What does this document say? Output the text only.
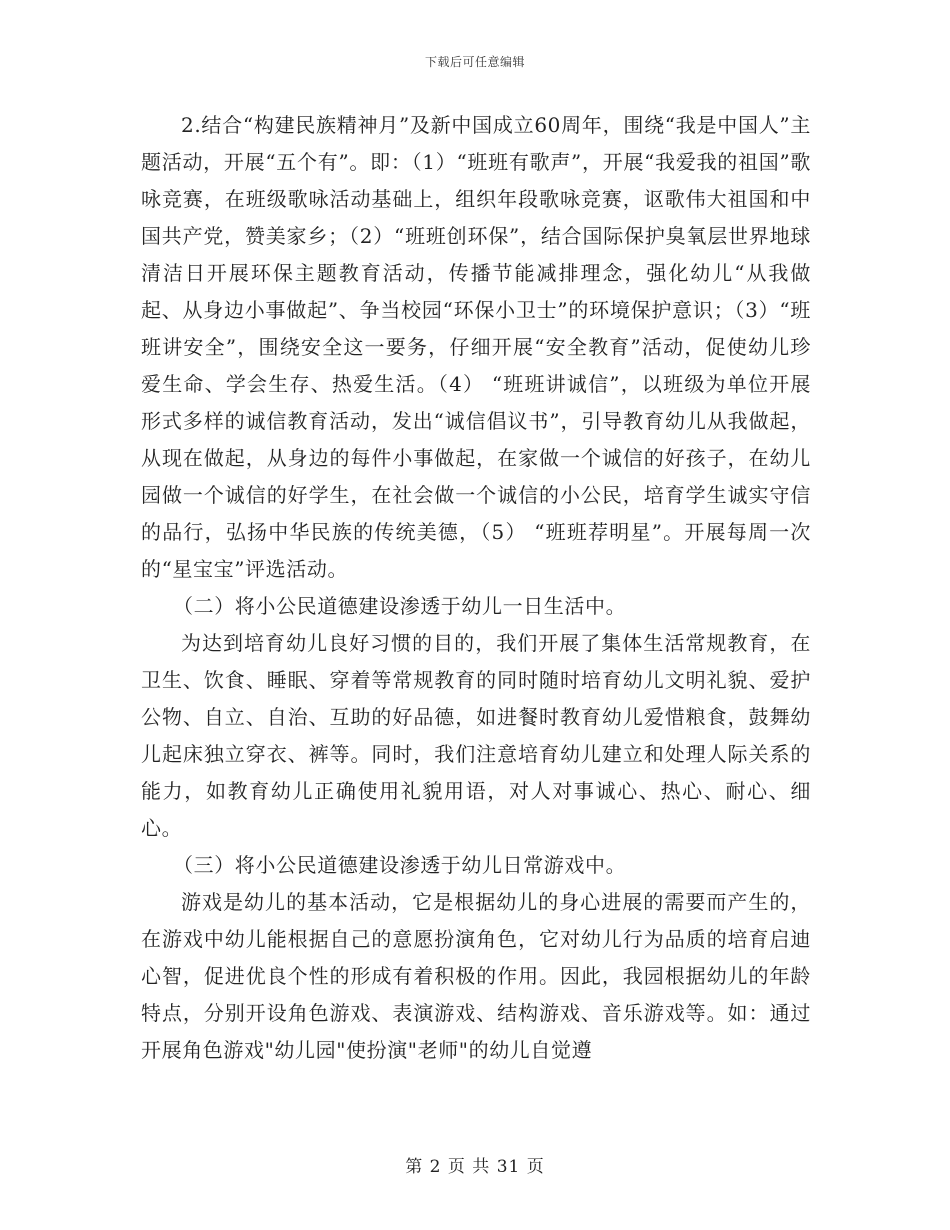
下载后可任意编辑

2.结合“构建民族精神月”及新中国成立60周年，围绕“我是中国人”主题活动，开展“五个有”。即：（1）“班班有歌声”，开展“我爱我的祖国”歌咏竞赛，在班级歌咏活动基础上，组织年段歌咏竞赛，讴歌伟大祖国和中国共产党，赞美家乡；（2）“班班创环保”，结合国际保护臭氧层世界地球清洁日开展环保主题教育活动，传播节能减排理念，强化幼儿“从我做起、从身边小事做起”、争当校园“环保小卫士”的环境保护意识；（3）“班班讲安全”，围绕安全这一要务，仔细开展“安全教育”活动，促使幼儿珍爱生命、学会生存、热爱生活。（4） “班班讲诚信”，以班级为单位开展形式多样的诚信教育活动，发出“诚信倡议书”，引导教育幼儿从我做起，从现在做起，从身边的每件小事做起，在家做一个诚信的好孩子，在幼儿园做一个诚信的好学生，在社会做一个诚信的小公民，培育学生诚实守信的品行，弘扬中华民族的传统美德，（5） “班班荐明星”。开展每周一次的“星宝宝”评选活动。

（二）将小公民道德建设渗透于幼儿一日生活中。

为达到培育幼儿良好习惯的目的，我们开展了集体生活常规教育，在卫生、饮食、睡眠、穿着等常规教育的同时随时培育幼儿文明礼貌、爱护公物、自立、自治、互助的好品德，如进餐时教育幼儿爱惜粮食，鼓舞幼儿起床独立穿衣、裤等。同时，我们注意培育幼儿建立和处理人际关系的能力，如教育幼儿正确使用礼貌用语，对人对事诚心、热心、耐心、细心。

（三）将小公民道德建设渗透于幼儿日常游戏中。

游戏是幼儿的基本活动，它是根据幼儿的身心进展的需要而产生的，在游戏中幼儿能根据自己的意愿扮演角色，它对幼儿行为品质的培育启迪心智，促进优良个性的形成有着积极的作用。因此，我园根据幼儿的年龄特点，分别开设角色游戏、表演游戏、结构游戏、音乐游戏等。如：通过开展角色游戏"幼儿园"使扮演"老师"的幼儿自觉遵

第 2 页 共 31 页
